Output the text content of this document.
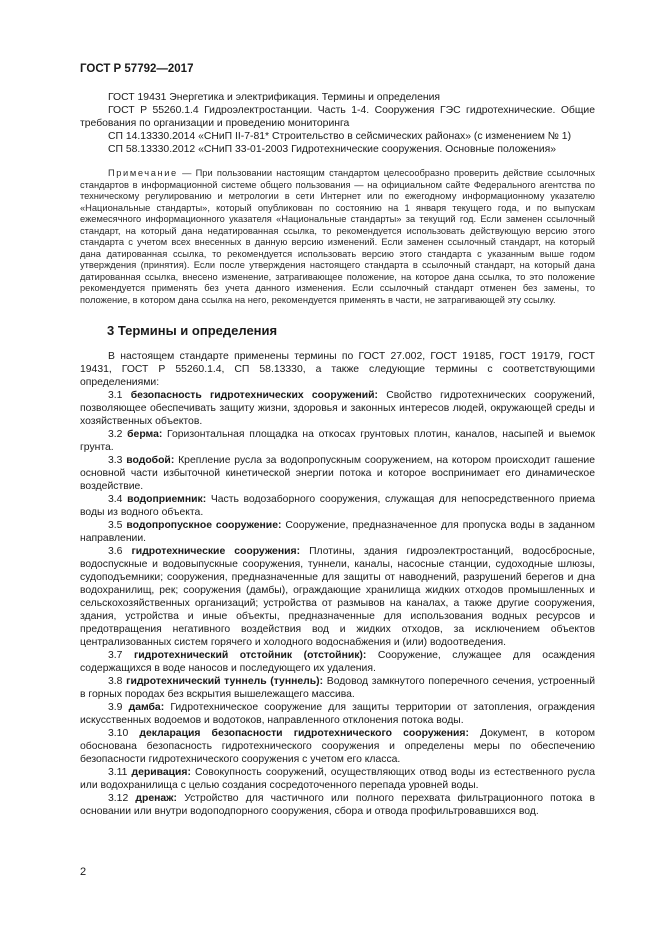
ГОСТ Р 57792—2017

ГОСТ 19431 Энергетика и электрификация. Термины и определения

ГОСТ Р 55260.1.4 Гидроэлектростанции. Часть 1-4. Сооружения ГЭС гидротехнические. Общие требования по организации и проведению мониторинга

СП 14.13330.2014 «СНиП II-7-81* Строительство в сейсмических районах» (с изменением № 1)

СП 58.13330.2012 «СНиП 33-01-2003 Гидротехнические сооружения. Основные положения»

Примечание — При пользовании настоящим стандартом целесообразно проверить действие ссылочных стандартов в информационной системе общего пользования — на официальном сайте Федерального агентства по техническому регулированию и метрологии в сети Интернет или по ежегодному информационному указателю «Национальные стандарты», который опубликован по состоянию на 1 января текущего года, и по выпускам ежемесячного информационного указателя «Национальные стандарты» за текущий год. Если заменен ссылочный стандарт, на который дана недатированная ссылка, то рекомендуется использовать действующую версию этого стандарта с учетом всех внесенных в данную версию изменений. Если заменен ссылочный стандарт, на который дана датированная ссылка, то рекомендуется использовать версию этого стандарта с указанным выше годом утверждения (принятия). Если после утверждения настоящего стандарта в ссылочный стандарт, на который дана датированная ссылка, внесено изменение, затрагивающее положение, на которое дана ссылка, то это положение рекомендуется применять без учета данного изменения. Если ссылочный стандарт отменен без замены, то положение, в котором дана ссылка на него, рекомендуется применять в части, не затрагивающей эту ссылку.

3 Термины и определения

В настоящем стандарте применены термины по ГОСТ 27.002, ГОСТ 19185, ГОСТ 19179, ГОСТ 19431, ГОСТ Р 55260.1.4, СП 58.13330, а также следующие термины с соответствующими определениями:

3.1 безопасность гидротехнических сооружений: Свойство гидротехнических сооружений, позволяющее обеспечивать защиту жизни, здоровья и законных интересов людей, окружающей среды и хозяйственных объектов.

3.2 берма: Горизонтальная площадка на откосах грунтовых плотин, каналов, насыпей и выемок грунта.

3.3 водобой: Крепление русла за водопропускным сооружением, на котором происходит гашение основной части избыточной кинетической энергии потока и которое воспринимает его динамическое воздействие.

3.4 водоприемник: Часть водозаборного сооружения, служащая для непосредственного приема воды из водного объекта.

3.5 водопропускное сооружение: Сооружение, предназначенное для пропуска воды в заданном направлении.

3.6 гидротехнические сооружения: Плотины, здания гидроэлектростанций, водосбросные, водоспускные и водовыпускные сооружения, туннели, каналы, насосные станции, судоходные шлюзы, судоподъемники; сооружения, предназначенные для защиты от наводнений, разрушений берегов и дна водохранилищ, рек; сооружения (дамбы), ограждающие хранилища жидких отходов промышленных и сельскохозяйственных организаций; устройства от размывов на каналах, а также другие сооружения, здания, устройства и иные объекты, предназначенные для использования водных ресурсов и предотвращения негативного воздействия вод и жидких отходов, за исключением объектов централизованных систем горячего и холодного водоснабжения и (или) водоотведения.

3.7 гидротехнический отстойник (отстойник): Сооружение, служащее для осаждения содержащихся в воде наносов и последующего их удаления.

3.8 гидротехнический туннель (туннель): Водовод замкнутого поперечного сечения, устроенный в горных породах без вскрытия вышележащего массива.

3.9 дамба: Гидротехническое сооружение для защиты территории от затопления, ограждения искусственных водоемов и водотоков, направленного отклонения потока воды.

3.10 декларация безопасности гидротехнического сооружения: Документ, в котором обоснована безопасность гидротехнического сооружения и определены меры по обеспечению безопасности гидротехнического сооружения с учетом его класса.

3.11 деривация: Совокупность сооружений, осуществляющих отвод воды из естественного русла или водохранилища с целью создания сосредоточенного перепада уровней воды.

3.12 дренаж: Устройство для частичного или полного перехвата фильтрационного потока в основании или внутри водоподпорного сооружения, сбора и отвода профильтровавшихся вод.

2
